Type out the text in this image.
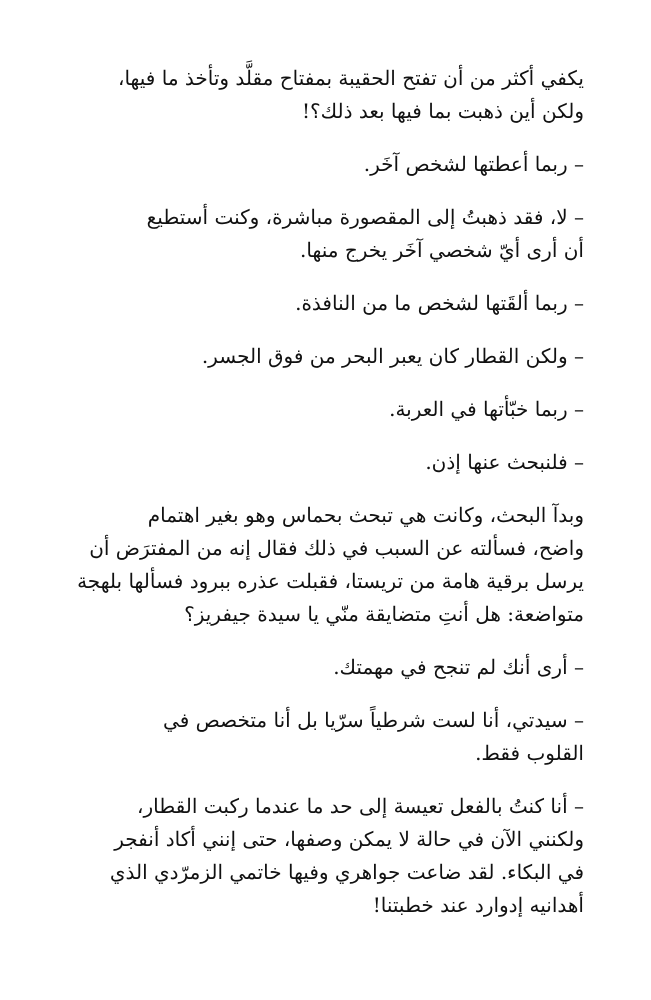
يكفي أكثر من أن تفتح الحقيبة بمفتاح مقلَّد وتأخذ ما فيها،
ولكن أين ذهبت بما فيها بعد ذلك؟!
– ربما أعطتها لشخص آخَر.
– لا، فقد ذهبتُ إلى المقصورة مباشرة، وكنت أستطيع
أن أرى أيّ شخصي آخَر يخرج منها.
– ربما ألقَتها لشخص ما من النافذة.
– ولكن القطار كان يعبر البحر من فوق الجسر.
– ربما خبّأتها في العربة.
– فلنبحث عنها إذن.
وبدآ البحث، وكانت هي تبحث بحماس وهو بغير اهتمام
واضح، فسألته عن السبب في ذلك فقال إنه من المفترَض أن
يرسل برقية هامة من تريستا، فقبلت عذره ببرود فسألها بلهجة
متواضعة: هل أنتِ متضايقة منّي يا سيدة جيفريز؟
– أرى أنك لم تنجح في مهمتك.
– سيدتي، أنا لست شرطياً سرّيا بل أنا متخصص في
القلوب فقط.
– أنا كنتُ بالفعل تعيسة إلى حد ما عندما ركبت القطار،
ولكنني الآن في حالة لا يمكن وصفها، حتى إنني أكاد أنفجر
في البكاء. لقد ضاعت جواهري وفيها خاتمي الزمرّدي الذي
أهدانيه إدوارد عند خطبتنا!
